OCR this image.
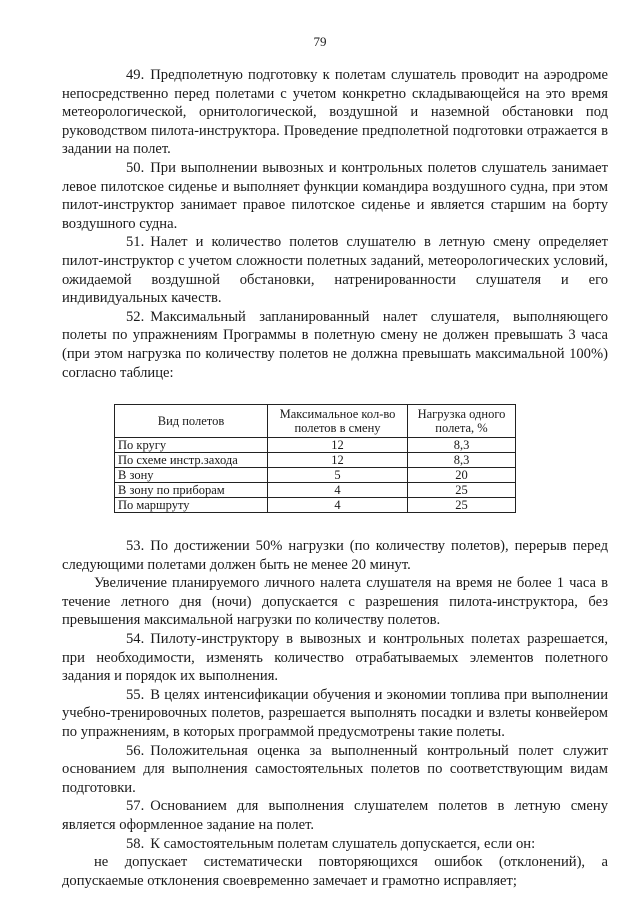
79

49. Предполетную подготовку к полетам слушатель проводит на аэродроме непосредственно перед полетами с учетом конкретно складывающейся на это время метеорологической, орнитологической, воздушной и наземной обстановки под руководством пилота-инструктора. Проведение предполетной подготовки отражается в задании на полет.

50. При выполнении вывозных и контрольных полетов слушатель занимает левое пилотское сиденье и выполняет функции командира воздушного судна, при этом пилот-инструктор занимает правое пилотское сиденье и является старшим на борту воздушного судна.

51. Налет и количество полетов слушателю в летную смену определяет пилот-инструктор с учетом сложности полетных заданий, метеорологических условий, ожидаемой воздушной обстановки, натренированности слушателя и его индивидуальных качеств.

52. Максимальный запланированный налет слушателя, выполняющего полеты по упражнениям Программы в полетную смену не должен превышать 3 часа (при этом нагрузка по количеству полетов не должна превышать максимальной 100%) согласно таблице:

Вид полетов	Максимальное кол-во полетов в смену	Нагрузка одного полета, %
По кругу	12	8,3
По схеме инстр.захода	12	8,3
В зону	5	20
В зону по приборам	4	25
По маршруту	4	25

53. По достижении 50% нагрузки (по количеству полетов), перерыв перед следующими полетами должен быть не менее 20 минут.

Увеличение планируемого личного налета слушателя на время не более 1 часа в течение летного дня (ночи) допускается с разрешения пилота-инструктора, без превышения максимальной нагрузки по количеству полетов.

54. Пилоту-инструктору в вывозных и контрольных полетах разрешается, при необходимости, изменять количество отрабатываемых элементов полетного задания и порядок их выполнения.

55. В целях интенсификации обучения и экономии топлива при выполнении учебно-тренировочных полетов, разрешается выполнять посадки и взлеты конвейером по упражнениям, в которых программой предусмотрены такие полеты.

56. Положительная оценка за выполненный контрольный полет служит основанием для выполнения самостоятельных полетов по соответствующим видам подготовки.

57. Основанием для выполнения слушателем полетов в летную смену является оформленное задание на полет.

58. К самостоятельным полетам слушатель допускается, если он:

не допускает систематически повторяющихся ошибок (отклонений), а допускаемые отклонения своевременно замечает и грамотно исправляет;
